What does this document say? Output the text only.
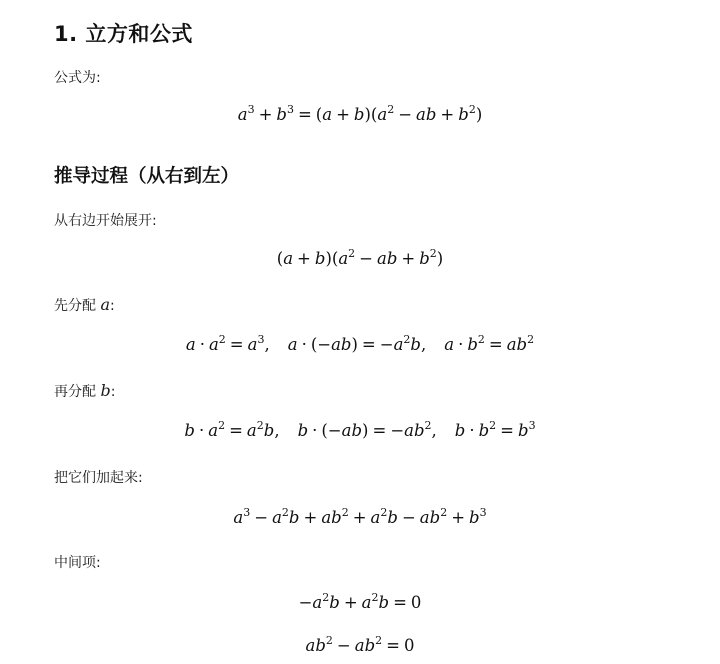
1. 立方和公式
公式为:
$a^3 + b^3 = (a + b)(a^2$ − ab + $b^2$)
推导过程（从右到左）
从右边开始展开:
$(a + b)(a^2$ − ab + $b^2$)
先分配 a:
$a \cdot a^2 = a^3$, $a \cdot (-ab) = -a^2b$, $a \cdot b^2 = ab^2$
再分配 b:
$b \cdot a^2 = a^2b$, $b \cdot (-ab) = -ab^2$, $b \cdot b^2 = b^3$
把它们加起来:
$a^3 - a^2b + ab^2 + a^2b - ab^2 + b^3$
中间项:
$-a^2b + a^2b = 0$
$ab^2 - ab^2 = 0$
